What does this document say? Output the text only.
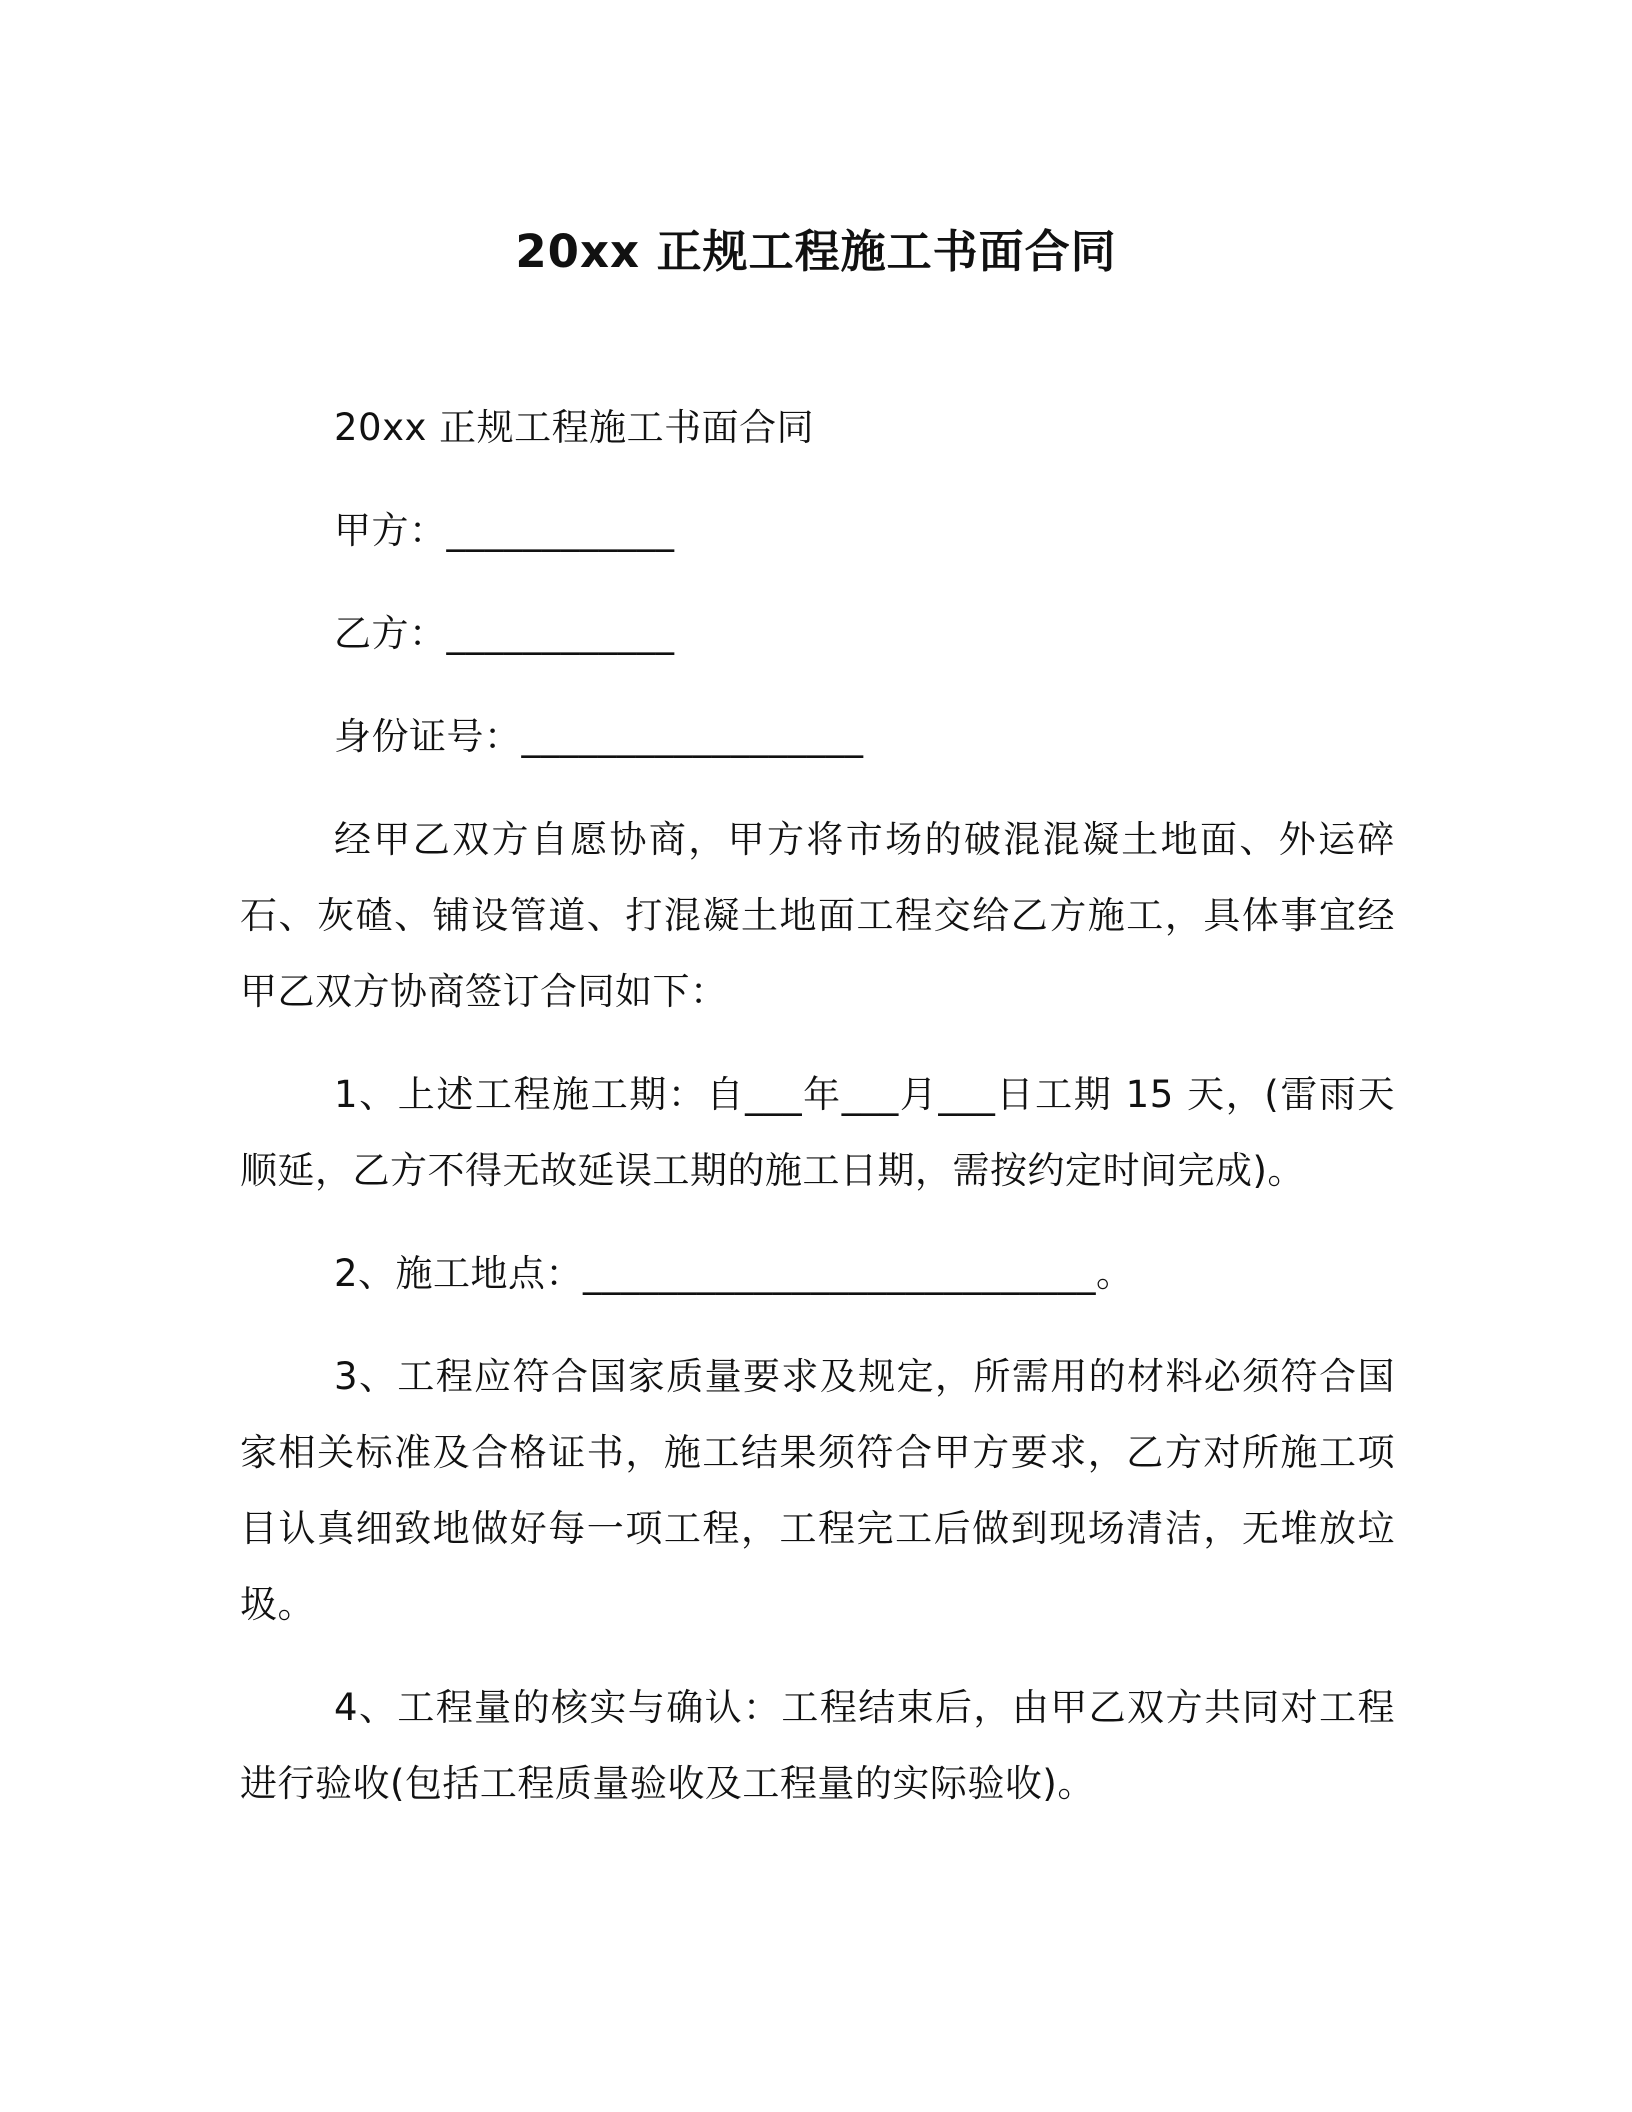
20xx 正规工程施工书面合同

20xx 正规工程施工书面合同

甲方：____________

乙方：____________

身份证号：__________________

经甲乙双方自愿协商，甲方将市场的破混混凝土地面、外运碎石、灰碴、铺设管道、打混凝土地面工程交给乙方施工，具体事宜经甲乙双方协商签订合同如下：

1、上述工程施工期：自___年___月___日工期 15 天，(雷雨天顺延，乙方不得无故延误工期的施工日期，需按约定时间完成)。

2、施工地点：___________________________。

3、工程应符合国家质量要求及规定，所需用的材料必须符合国家相关标准及合格证书，施工结果须符合甲方要求，乙方对所施工项目认真细致地做好每一项工程，工程完工后做到现场清洁，无堆放垃圾。

4、工程量的核实与确认：工程结束后，由甲乙双方共同对工程进行验收(包括工程质量验收及工程量的实际验收)。
